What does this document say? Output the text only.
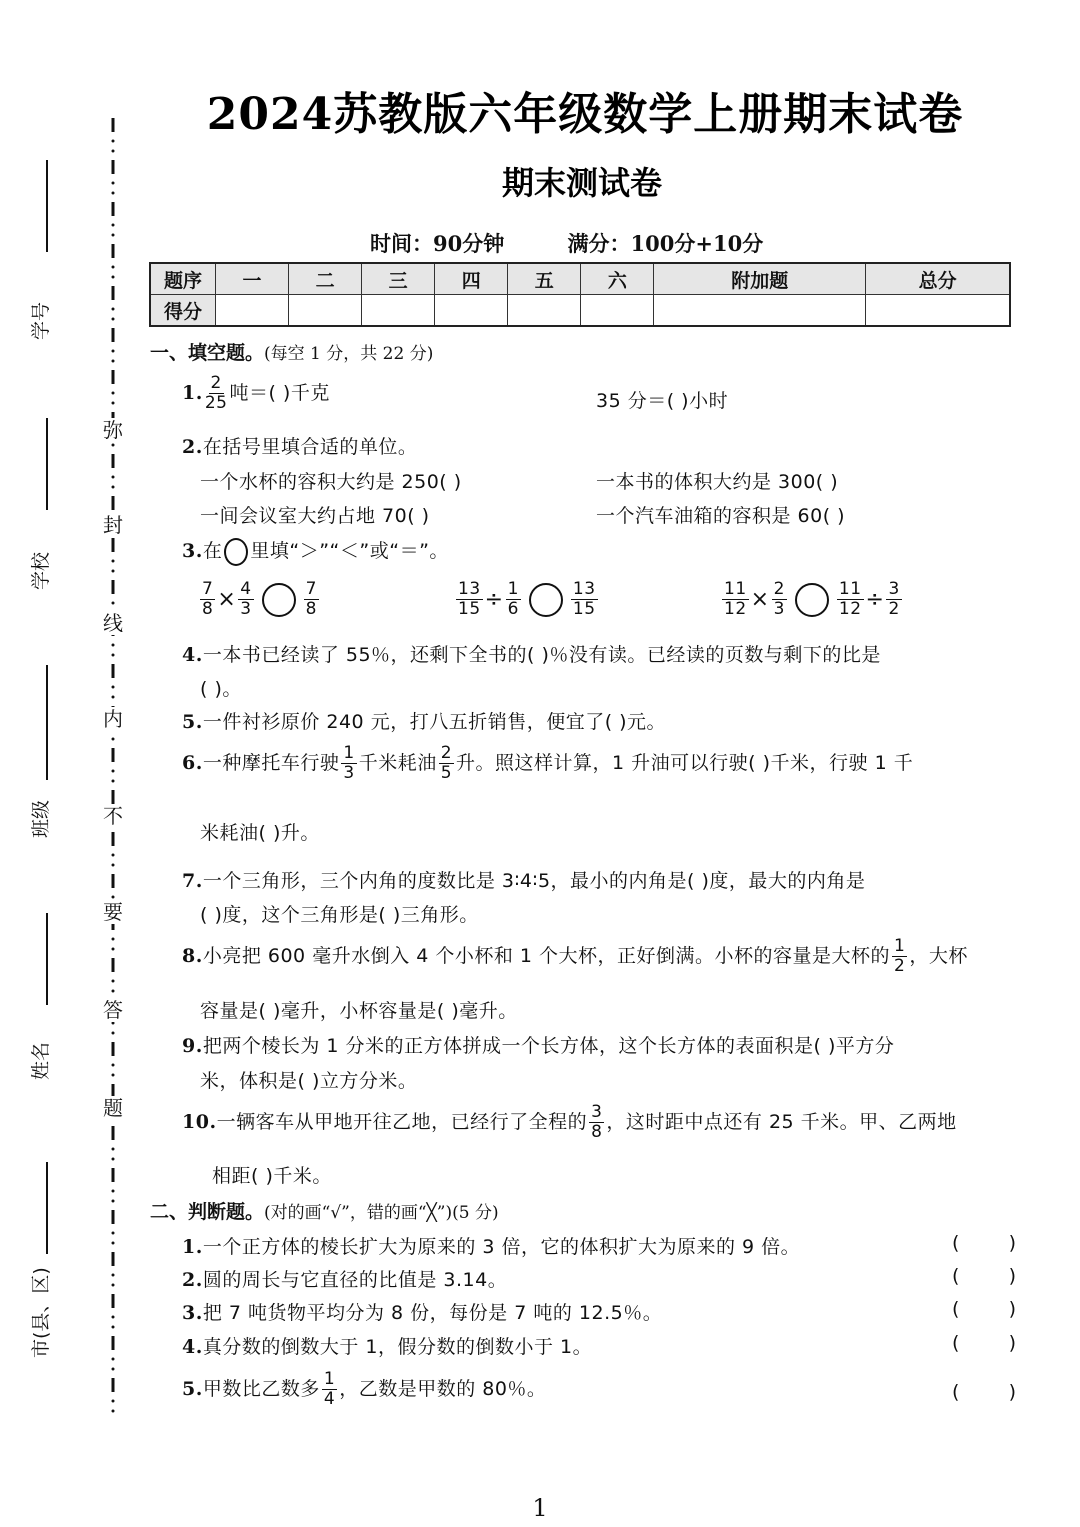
弥
封
线
内
不
要
答
题
学号
学校
班级
姓名
市(县、区)
2024苏教版六年级数学上册期末试卷
期末测试卷
时间：90分钟	满分：100分+10分
题序	一	二	三	四	五	六	附加题	总分
得分								
一、填空题。(每空 1 分，共 22 分)
1. $\frac{2}{25}$ 吨＝( )千克	35 分＝( )小时
2.在括号里填合适的单位。
一个水杯的容积大约是 250( )	一本书的体积大约是 300( )
一间会议室大约占地 70( )	一个汽车油箱的容积是 60( )
3.在 里填“＞”“＜”或“＝”。
$\frac{7}{8} \times \frac{4}{3}$	$\frac{7}{8}$	$\frac{13}{15} \div \frac{1}{6}$	$\frac{13}{15}$	$\frac{11}{12} \times \frac{2}{3}$	$\frac{11}{12} \div \frac{3}{2}$
4.一本书已经读了 55％，还剩下全书的( )％没有读。已经读的页数与剩下的比是
( )。
5.一件衬衫原价 240 元，打八五折销售，便宜了( )元。
6.一种摩托车行驶 $\frac{1}{3}$ 千米耗油 $\frac{2}{5}$ 升。照这样计算，1 升油可以行驶( )千米，行驶 1 千
米耗油( )升。
7.一个三角形，三个内角的度数比是 3∶4∶5，最小的内角是( )度，最大的内角是
( )度，这个三角形是( )三角形。
8.小亮把 600 毫升水倒入 4 个小杯和 1 个大杯，正好倒满。小杯的容量是大杯的 $\frac{1}{2}$ ，大杯
容量是( )毫升，小杯容量是( )毫升。
9.把两个棱长为 1 分米的正方体拼成一个长方体，这个长方体的表面积是( )平方分
米，体积是( )立方分米。
10.一辆客车从甲地开往乙地，已经行了全程的 $\frac{3}{8}$ ，这时距中点还有 25 千米。甲、乙两地
相距( )千米。
二、判断题。(对的画“√”，错的画“╳”)(5 分)
1.一个正方体的棱长扩大为原来的 3 倍，它的体积扩大为原来的 9 倍。	(	)
2.圆的周长与它直径的比值是 3.14。	(	)
3.把 7 吨货物平均分为 8 份，每份是 7 吨的 12.5％。	(	)
4.真分数的倒数大于 1，假分数的倒数小于 1。	(	)
5.甲数比乙数多 $\frac{1}{4}$ ，乙数是甲数的 80％。	(	)
1
